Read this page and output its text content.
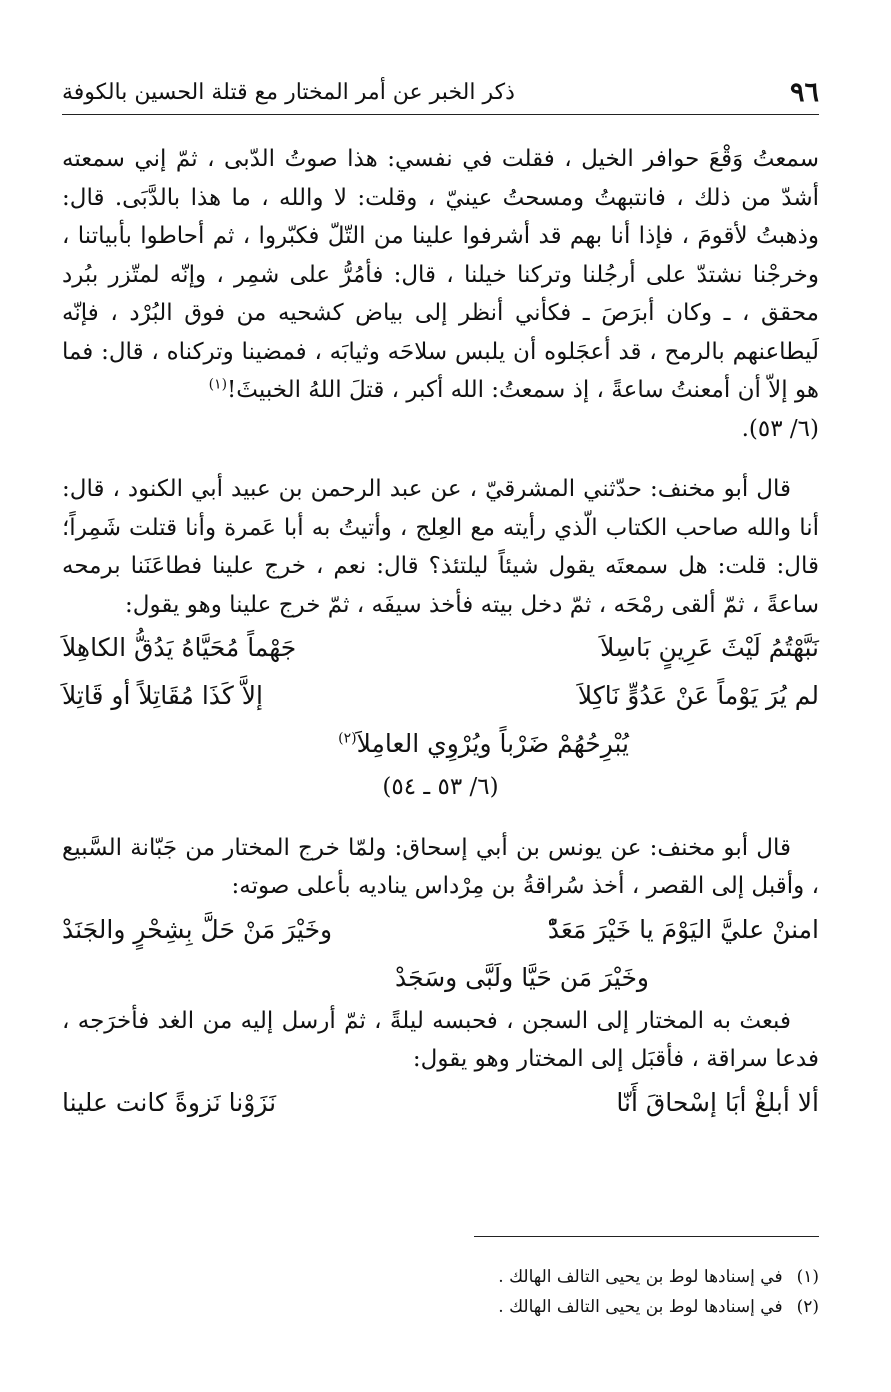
٩٦
ذكر الخبر عن أمر المختار مع قتلة الحسين بالكوفة

سمعتُ وَقْعَ حوافر الخيل ، فقلت في نفسي: هذا صوتُ الدّبى ، ثمّ إني سمعته أشدّ من ذلك ، فانتبهتُ ومسحتُ عينيّ ، وقلت: لا والله ، ما هذا بالدَّبَى. قال: وذهبتُ لأقومَ ، فإذا أنا بهم قد أشرفوا علينا من التّلّ فكبّروا ، ثم أحاطوا بأبياتنا ، وخرجْنا نشتدّ على أرجُلنا وتركنا خيلنا ، قال: فأمُرُّ على شمِر ، وإنّه لمتّزر ببُرد محقق ، ـ وكان أبرَصَ ـ فكأني أنظر إلى بياض كشحيه من فوق البُرْد ، فإنّه لَيطاعنهم بالرمح ، قد أعجَلوه أن يلبس سلاحَه وثيابَه ، فمضينا وتركناه ، قال: فما هو إلاّ أن أمعنتُ ساعةً ، إذ سمعتُ: الله أكبر ، قتلَ اللهُ الخبيثَ!$^{(١)}$

(٦/ ٥٣).

قال أبو مخنف: حدّثني المشرقيّ ، عن عبد الرحمن بن عبيد أبي الكنود ، قال: أنا والله صاحب الكتاب الّذي رأيته مع العِلج ، وأتيتُ به أبا عَمرة وأنا قتلت شَمِراً؛ قال: قلت: هل سمعتَه يقول شيئاً ليلتئذ؟ قال: نعم ، خرج علينا فطاعَنَنا برمحه ساعةً ، ثمّ ألقى رمْحَه ، ثمّ دخل بيته فأخذ سيفَه ، ثمّ خرج علينا وهو يقول:

نَبَّهْتُمُ لَيْثَ عَرِينٍ بَاسِلاَ
جَهْماً مُحَيَّاهُ يَدُقُّ الكاهِلاَ
لم يُرَ يَوْماً عَنْ عَدُوٍّ نَاكِلاَ
إلاَّ كَذَا مُقَاتِلاً أو قَاتِلاَ
يُبْرِحُهُمْ ضَرْباً ويُرْوِي العامِلاَ$^{(٢)}$
(٦/ ٥٣ ـ ٥٤)

قال أبو مخنف: عن يونس بن أبي إسحاق: ولمّا خرج المختار من جَبّانة السَّبيع ، وأقبل إلى القصر ، أخذ سُراقةُ بن مِرْداس يناديه بأعلى صوته:

امننْ عليَّ اليَوْمَ يا خَيْرَ مَعَدّْ
وخَيْرَ مَنْ حَلَّ بِشِحْرٍ والجَنَدْ
وخَيْرَ مَن حَيَّا ولَبَّى وسَجَدْ

فبعث به المختار إلى السجن ، فحبسه ليلةً ، ثمّ أرسل إليه من الغد فأخرَجه ، فدعا سراقة ، فأقبَل إلى المختار وهو يقول:

ألا أبلغْ أبَا إسْحاقَ أَنّا
نَزَوْنا نَزوةً كانت علينا
(١)
في إسنادها لوط بن يحيى التالف الهالك .
(٢)
في إسنادها لوط بن يحيى التالف الهالك .
